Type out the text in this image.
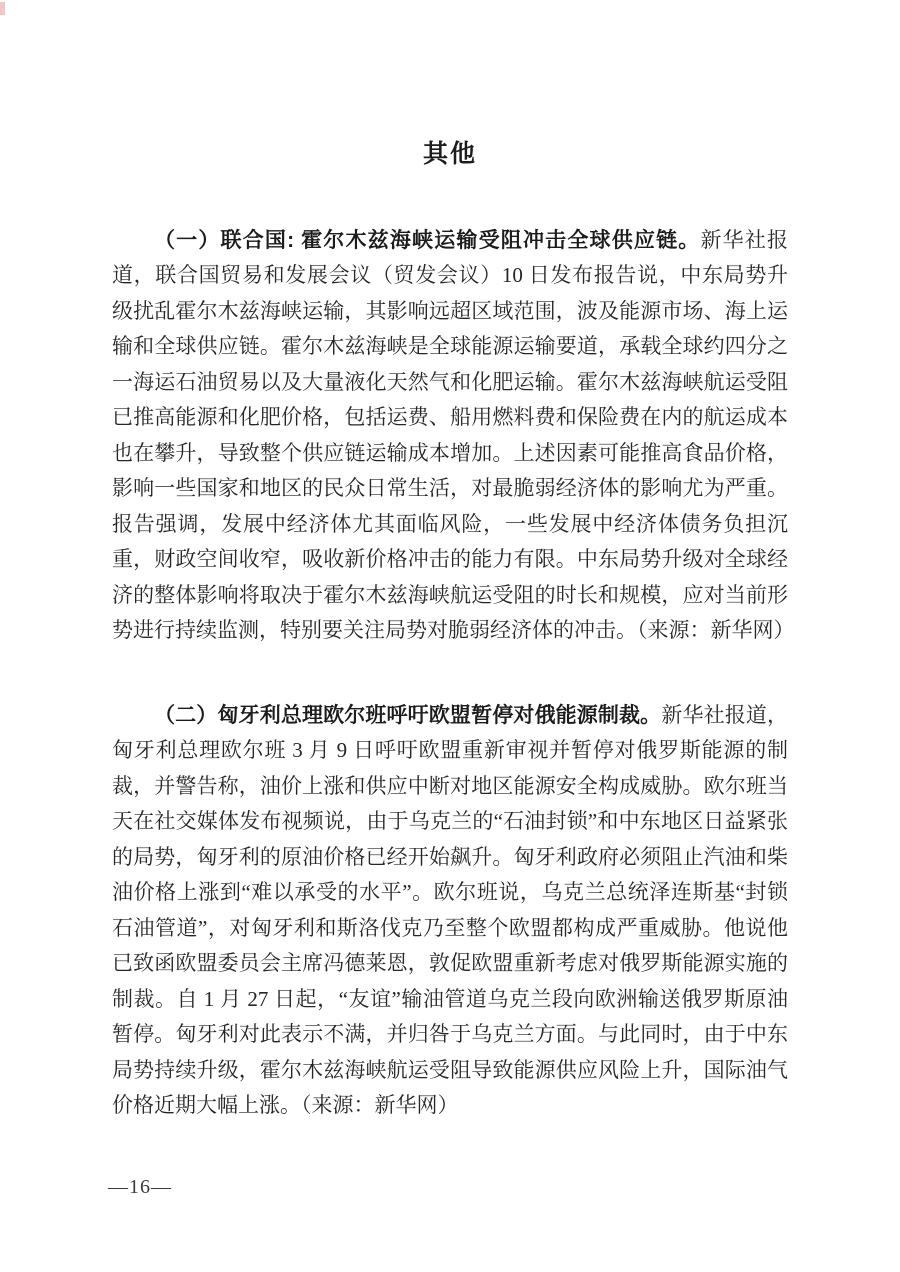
其他

（一）联合国: 霍尔木兹海峡运输受阻冲击全球供应链。新华社报道，联合国贸易和发展会议（贸发会议）10 日发布报告说，中东局势升级扰乱霍尔木兹海峡运输，其影响远超区域范围，波及能源市场、海上运输和全球供应链。霍尔木兹海峡是全球能源运输要道，承载全球约四分之一海运石油贸易以及大量液化天然气和化肥运输。霍尔木兹海峡航运受阻已推高能源和化肥价格，包括运费、船用燃料费和保险费在内的航运成本也在攀升，导致整个供应链运输成本增加。上述因素可能推高食品价格，影响一些国家和地区的民众日常生活，对最脆弱经济体的影响尤为严重。报告强调，发展中经济体尤其面临风险，一些发展中经济体债务负担沉重，财政空间收窄，吸收新价格冲击的能力有限。中东局势升级对全球经济的整体影响将取决于霍尔木兹海峡航运受阻的时长和规模，应对当前形势进行持续监测，特别要关注局势对脆弱经济体的冲击。（来源：新华网）

（二）匈牙利总理欧尔班呼吁欧盟暂停对俄能源制裁。新华社报道，匈牙利总理欧尔班 3 月 9 日呼吁欧盟重新审视并暂停对俄罗斯能源的制裁，并警告称，油价上涨和供应中断对地区能源安全构成威胁。欧尔班当天在社交媒体发布视频说，由于乌克兰的“石油封锁”和中东地区日益紧张的局势，匈牙利的原油价格已经开始飙升。匈牙利政府必须阻止汽油和柴油价格上涨到“难以承受的水平”。欧尔班说，乌克兰总统泽连斯基“封锁石油管道”，对匈牙利和斯洛伐克乃至整个欧盟都构成严重威胁。他说他已致函欧盟委员会主席冯德莱恩，敦促欧盟重新考虑对俄罗斯能源实施的制裁。自 1 月 27 日起，“友谊”输油管道乌克兰段向欧洲输送俄罗斯原油暂停。匈牙利对此表示不满，并归咎于乌克兰方面。与此同时，由于中东局势持续升级，霍尔木兹海峡航运受阻导致能源供应风险上升，国际油气价格近期大幅上涨。（来源：新华网）

—16—
